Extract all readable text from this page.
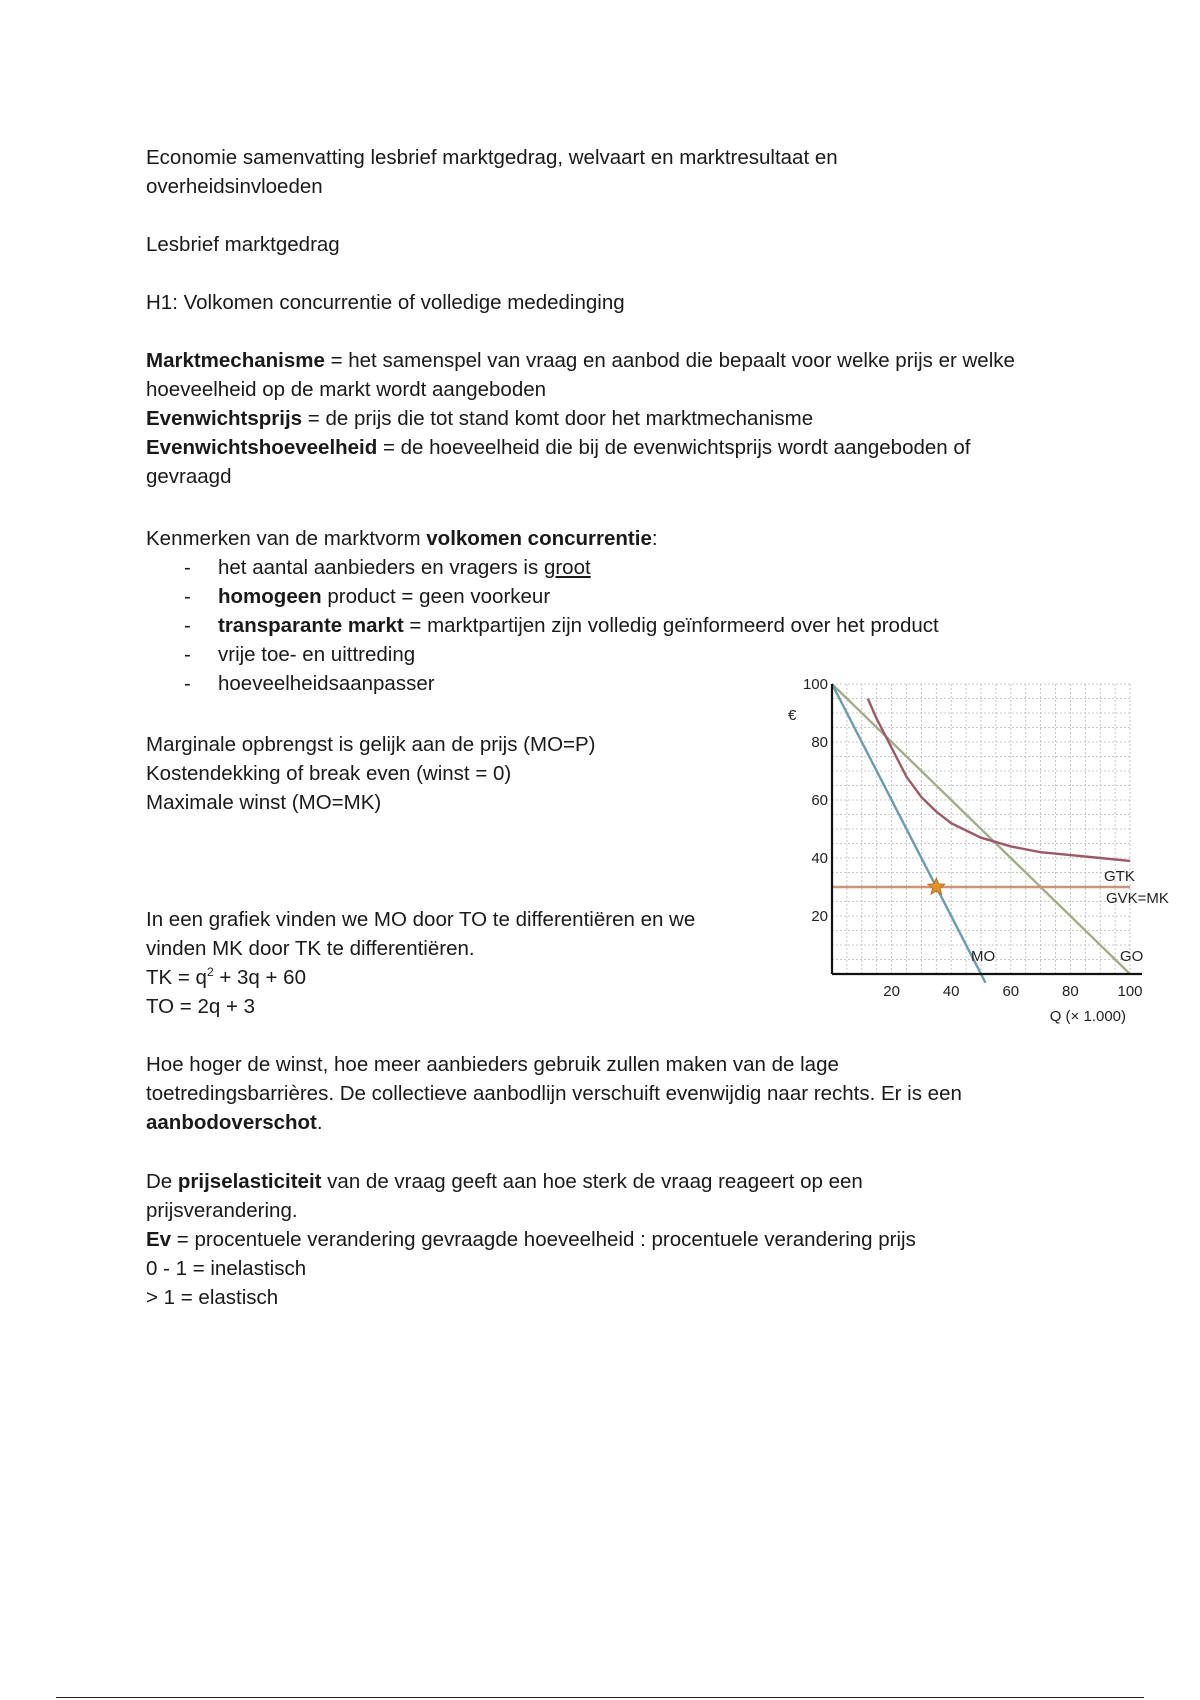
Economie samenvatting lesbrief marktgedrag, welvaart en marktresultaat en
overheidsinvloeden

Lesbrief marktgedrag

H1: Volkomen concurrentie of volledige mededinging

Marktmechanisme = het samenspel van vraag en aanbod die bepaalt voor welke prijs er welke
hoeveelheid op de markt wordt aangeboden
Evenwichtsprijs = de prijs die tot stand komt door het marktmechanisme
Evenwichtshoeveelheid = de hoeveelheid die bij de evenwichtsprijs wordt aangeboden of
gevraagd

Kenmerken van de marktvorm volkomen concurrentie:

- het aantal aanbieders en vragers is groot
- homogeen product = geen voorkeur
- transparante markt = marktpartijen zijn volledig geïnformeerd over het product
- vrije toe- en uittreding
- hoeveelheidsaanpasser

Marginale opbrengst is gelijk aan de prijs (MO=P)
Kostendekking of break even (winst = 0)
Maximale winst (MO=MK)

In een grafiek vinden we MO door TO te differentiëren en we
vinden MK door TK te differentiëren.
TK = $q^2 + 3q + 60$
TO = 2q + 3

Hoe hoger de winst, hoe meer aanbieders gebruik zullen maken van de lage
toetredingsbarrières. De collectieve aanbodlijn verschuift evenwijdig naar rechts. Er is een
aanbodoverschot.

De prijselasticiteit van de vraag geeft aan hoe sterk de vraag reageert op een
prijsverandering.
Ev = procentuele verandering gevraagde hoeveelheid : procentuele verandering prijs
0 - 1 = inelastisch
> 1 = elastisch

20	40	60	80	100
20
40
60
80
100
€
Q (× 1.000)
GO
MO
GTK
GVK=MK
